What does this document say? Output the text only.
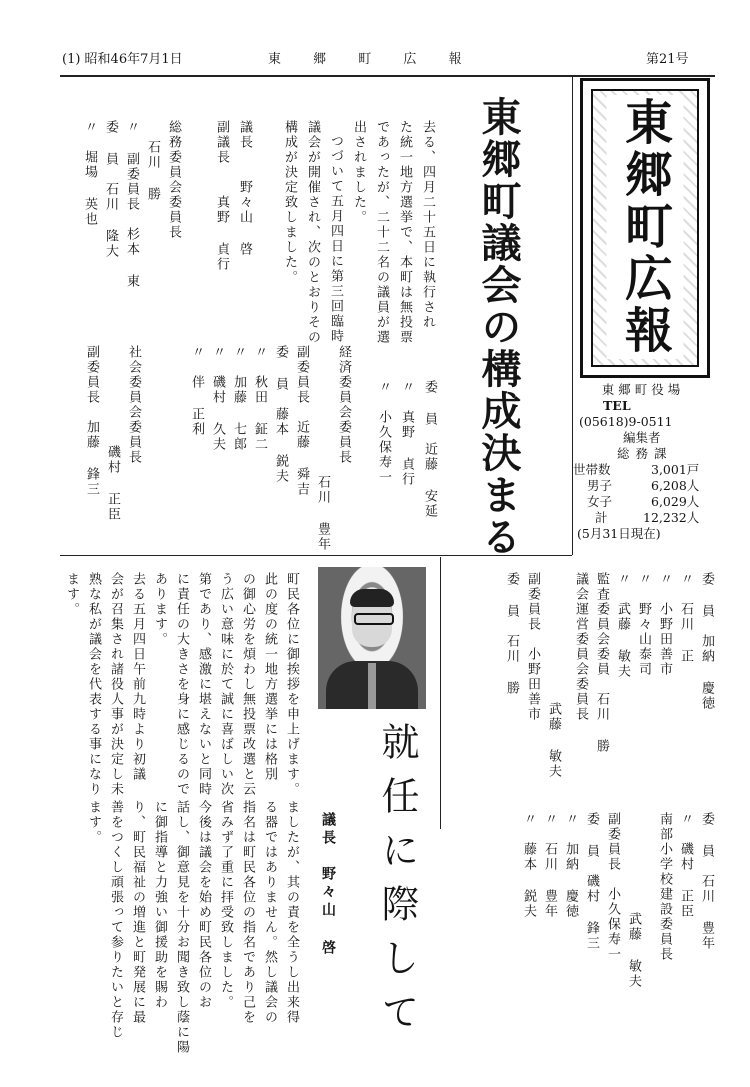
(1) 昭和46年7月1日	東 郷 町 広 報	第21号
東郷町広報
東郷町役場
TEL
(05618)9-0511
編集者
総務課
世帯数	3,001戸
男子	6,208人
女子	6,029人
計	12,232人
(5月31日現在)
東郷町議会の構成決まる
去る、四月二十五日に執行され
た統一地方選挙で、本町は無投票
であったが、二十二名の議員が選
出されました。
つづいて五月四日に第三回臨時
議会が開催され、次のとおりその
構成が決定致しました。
議長　　野々山 啓
副議長　　真野 貞行
総務委員会委員長
石川 勝
〃 副委員長　杉本 東
委 員　石川 隆大
〃　堀場 英也
委 員　近藤 安延
〃　真野 貞行
〃　小久保寿一
経済委員会委員長
石川 豊年
副委員長　近藤 舜吉
委 員　藤本 鋭夫
〃　秋田 鉦二
〃　加藤 七郎
〃　磯村 久夫
〃　伴 正利
社会委員会委員長
磯村 正臣
副委員長　加藤 鋒三
委 員　加納 慶徳
〃　石川 正
〃　小野田善市
〃　野々山泰司
〃　武藤 敏夫
監査委員会委員　石川 勝
議会運営委員会委員長
武藤 敏夫
副委員長　小野田善市
委 員　石川 勝
委 員　石川 豊年
〃　磯村 正臣
南部小学校建設委員長
武藤 敏夫
副委員長　小久保寿一
委 員　磯村 鋒三
〃　加納 慶徳
〃　石川 豊年
〃　藤本 鋭夫
就任に際して
議長　野々山 啓
町民各位に御挨拶を申上げます。
此の度の統一地方選挙には格別
の御心労を煩わし無投票改選と云
う広い意味に於て誠に喜ばしい次
第であり、感激に堪えないと同時
に責任の大きさを身に感じるので
あります。
去る五月四日午前九時より初議
会が召集され諸役人事が決定し未
熟な私が議会を代表する事になり
ます。
ましたが、其の責を全うし出来得
る器ではありません。然し議会の
指名は町民各位の指名であり己を
省みず了重に拝受致しました。
今後は議会を始め町民各位のお
話し、御意見を十分お聞き致し蔭に陽
に御指導と力強い御援助を賜わ
り、町民福祉の増進と町発展に最
善をつくし頑張って参りたいと存じ
ます。
